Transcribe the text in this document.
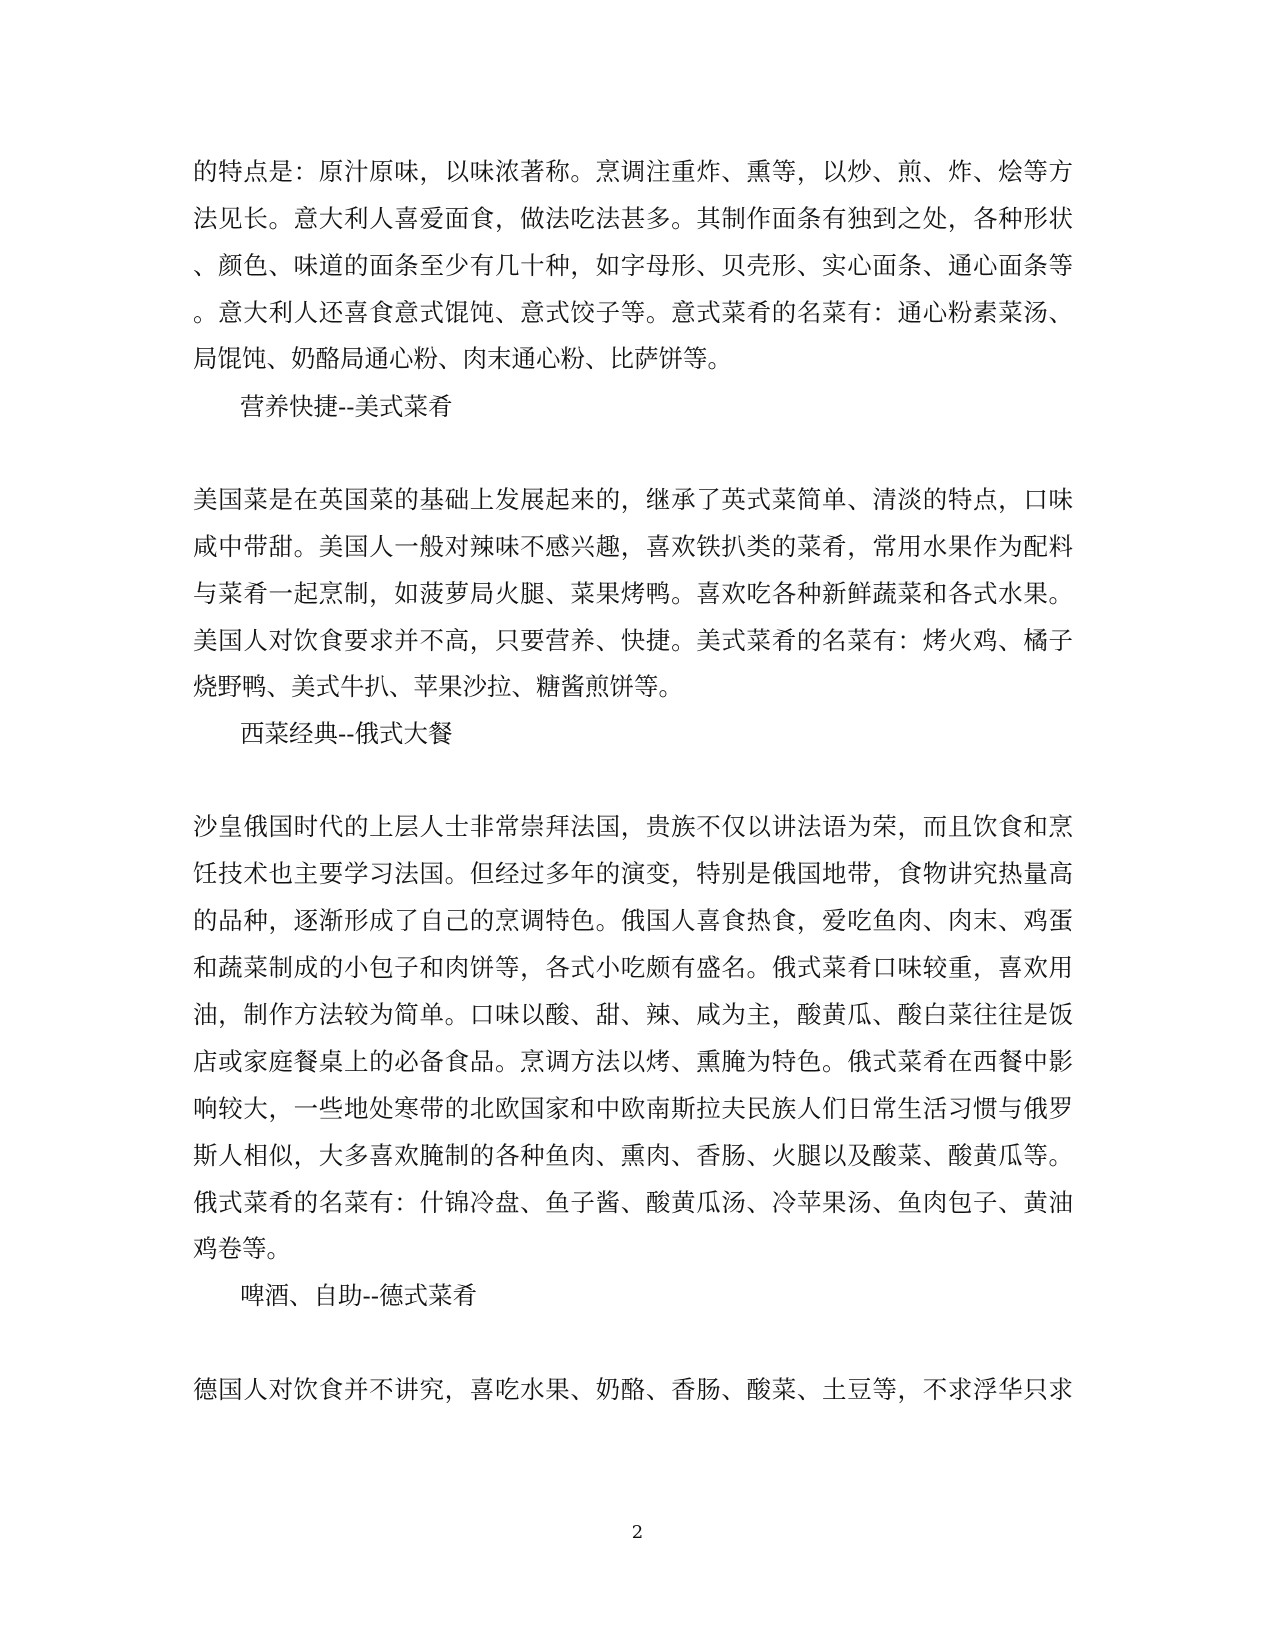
的特点是：原汁原味，以味浓著称。烹调注重炸、熏等，以炒、煎、炸、烩等方
法见长。意大利人喜爱面食，做法吃法甚多。其制作面条有独到之处，各种形状
、颜色、味道的面条至少有几十种，如字母形、贝壳形、实心面条、通心面条等
。意大利人还喜食意式馄饨、意式饺子等。意式菜肴的名菜有：通心粉素菜汤、
局馄饨、奶酪局通心粉、肉末通心粉、比萨饼等。
营养快捷--美式菜肴
美国菜是在英国菜的基础上发展起来的，继承了英式菜简单、清淡的特点，口味
咸中带甜。美国人一般对辣味不感兴趣，喜欢铁扒类的菜肴，常用水果作为配料
与菜肴一起烹制，如菠萝局火腿、菜果烤鸭。喜欢吃各种新鲜蔬菜和各式水果。
美国人对饮食要求并不高，只要营养、快捷。美式菜肴的名菜有：烤火鸡、橘子
烧野鸭、美式牛扒、苹果沙拉、糖酱煎饼等。
西菜经典--俄式大餐
沙皇俄国时代的上层人士非常崇拜法国，贵族不仅以讲法语为荣，而且饮食和烹
饪技术也主要学习法国。但经过多年的演变，特别是俄国地带，食物讲究热量高
的品种，逐渐形成了自己的烹调特色。俄国人喜食热食，爱吃鱼肉、肉末、鸡蛋
和蔬菜制成的小包子和肉饼等，各式小吃颇有盛名。俄式菜肴口味较重，喜欢用
油，制作方法较为简单。口味以酸、甜、辣、咸为主，酸黄瓜、酸白菜往往是饭
店或家庭餐桌上的必备食品。烹调方法以烤、熏腌为特色。俄式菜肴在西餐中影
响较大，一些地处寒带的北欧国家和中欧南斯拉夫民族人们日常生活习惯与俄罗
斯人相似，大多喜欢腌制的各种鱼肉、熏肉、香肠、火腿以及酸菜、酸黄瓜等。
俄式菜肴的名菜有：什锦冷盘、鱼子酱、酸黄瓜汤、冷苹果汤、鱼肉包子、黄油
鸡卷等。
啤酒、自助--德式菜肴
德国人对饮食并不讲究，喜吃水果、奶酪、香肠、酸菜、土豆等，不求浮华只求
2
